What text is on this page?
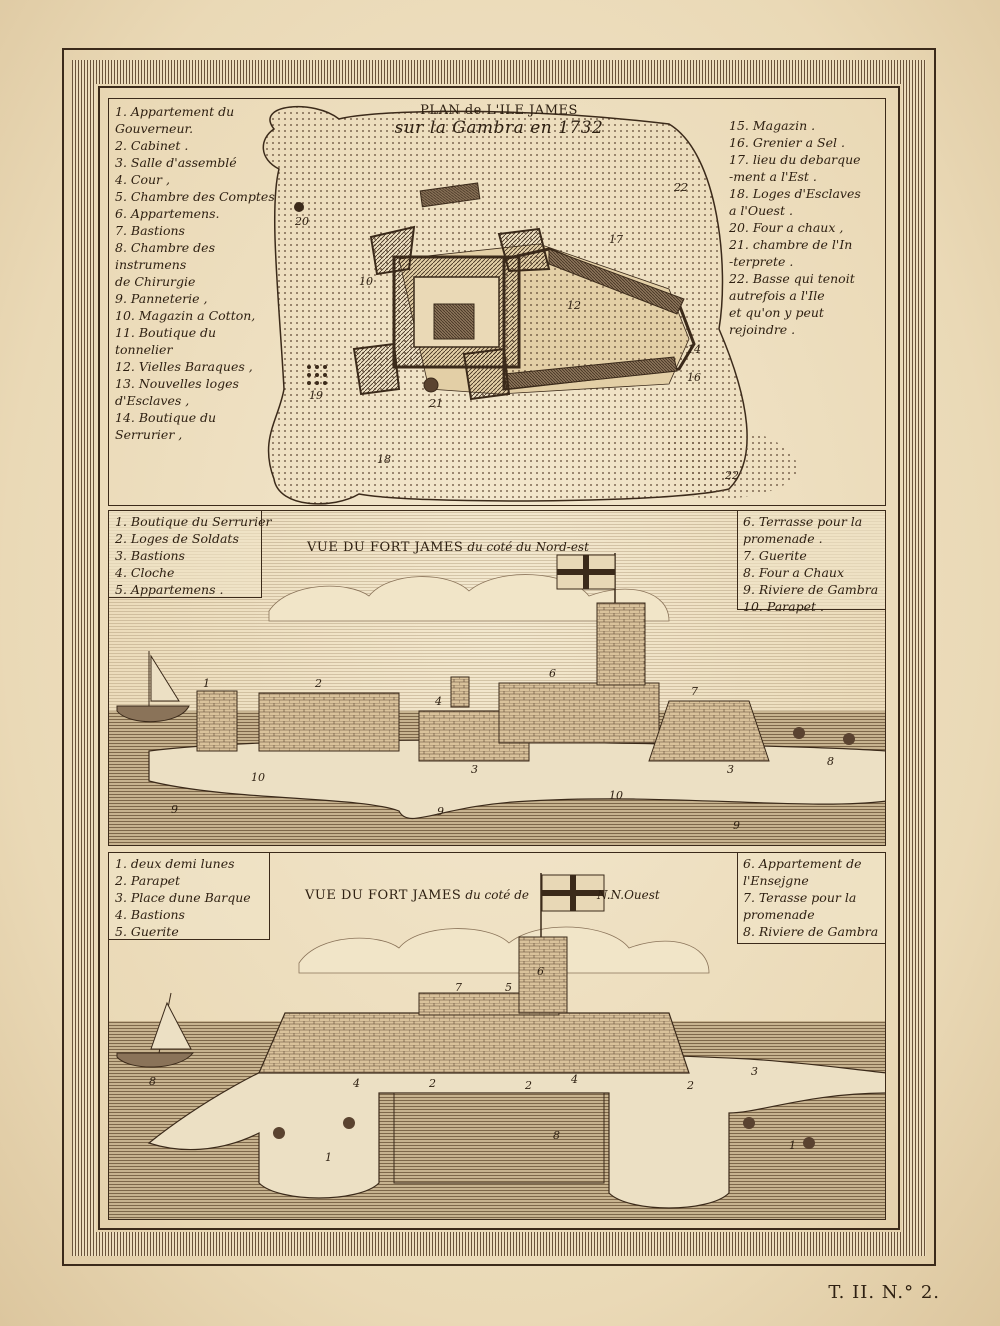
PLAN de L'ILE JAMES
sur la Gambra en 1732
1. Appartement du
Gouverneur.
2. Cabinet .
3. Salle d'assemblé
4. Cour ,
5. Chambre des Comptes
6. Appartemens.
7. Bastions
8. Chambre des
instrumens
de Chirurgie
9. Panneterie ,
10. Magazin a Cotton,
11. Boutique du
tonnelier
12. Vielles Baraques ,
13. Nouvelles loges
d'Esclaves ,
14. Boutique du
Serrurier ,
15. Magazin .
16. Grenier a Sel .
17. lieu du debarque
-ment a l'Est .
18. Loges d'Esclaves
a l'Ouest .
20. Four a chaux ,
21. chambre de l'In
-terprete .
22. Basse qui tenoit
autrefois a l'Ile
et qu'on y peut
rejoindre .
22
17
20
19
21
18
22
12
14
16
10
1. Boutique du Serrurier
2. Loges de Soldats
3. Bastions
4. Cloche
5. Appartemens .
6. Terrasse pour la
promenade .
7. Guerite
8. Four a Chaux
9. Riviere de Gambra
10. Parapet .
VUE DU FORT JAMES du coté du Nord-est
1	2
4
6
7
3	3
8
10
10
9	9
9
1. deux demi lunes
2. Parapet
3. Place dune Barque
4. Bastions
5. Guerite
6. Appartement de
l'Ensejgne
7. Terasse pour la
promenade
8. Riviere de Gambra
VUE DU FORT JAMES du coté de	N.N.Ouest
7	5
6
8	4	2	2	4	2
3
8
1
1
T. II. N.° 2.
